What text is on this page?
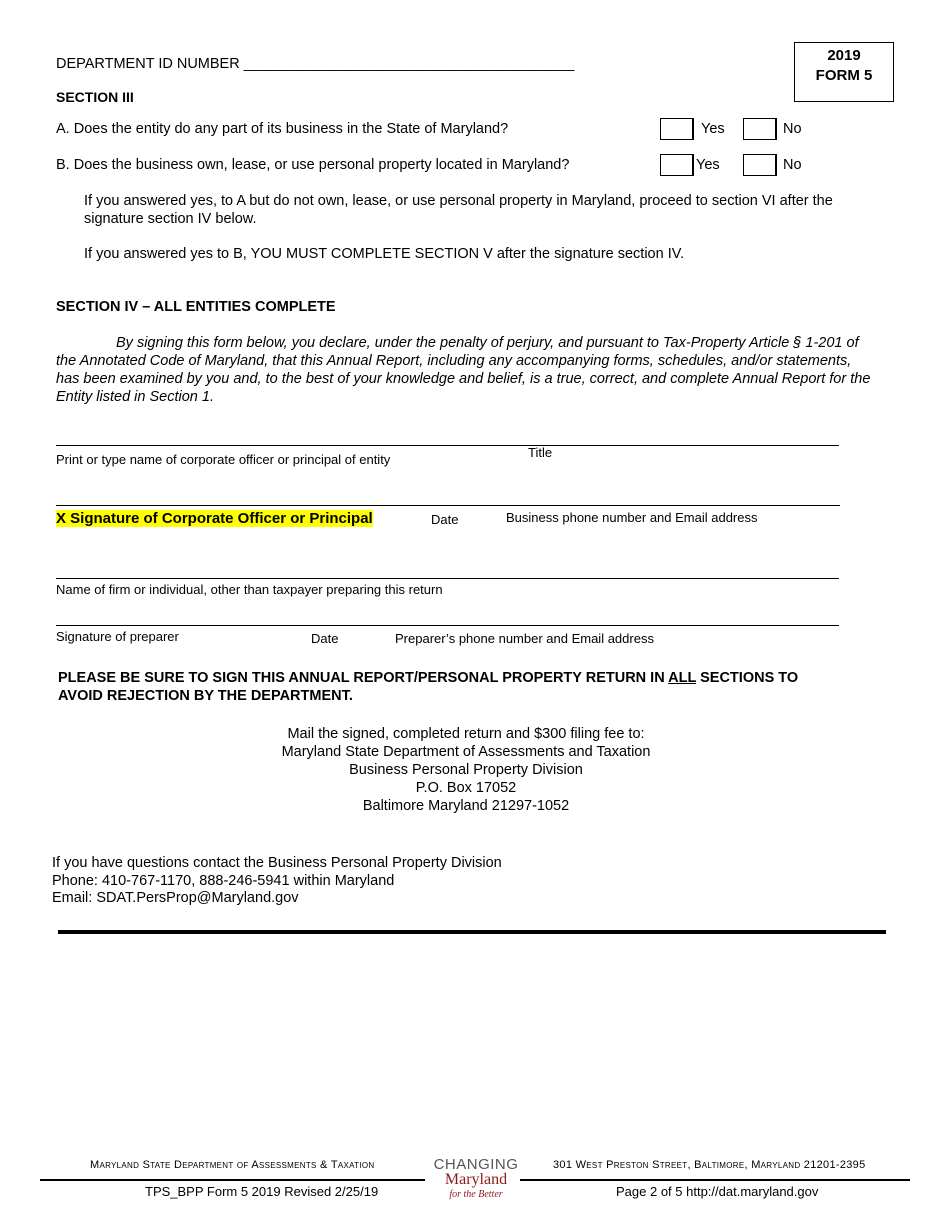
DEPARTMENT ID NUMBER _________________________________________	2019
FORM 5
SECTION III
A. Does the entity do any part of its business in the State of Maryland?	Yes	No
B. Does the business own, lease, or use personal property located in Maryland?	Yes	No
If you answered yes, to A but do not own, lease, or use personal property in Maryland, proceed to section VI after the signature section IV below.
If you answered yes to B, YOU MUST COMPLETE SECTION V after the signature section IV.
SECTION IV – ALL ENTITIES COMPLETE
By signing this form below, you declare, under the penalty of perjury, and pursuant to Tax-Property Article § 1-201 of the Annotated Code of Maryland, that this Annual Report, including any accompanying forms, schedules, and/or statements, has been examined by you and, to the best of your knowledge and belief, is a true, correct, and complete Annual Report for the Entity listed in Section 1.
Print or type name of corporate officer or principal of entity	Title
X Signature of Corporate Officer or Principal	Date	Business phone number and Email address
Name of firm or individual, other than taxpayer preparing this return
Signature of preparer	Date	Preparer’s phone number and Email address
PLEASE BE SURE TO SIGN THIS ANNUAL REPORT/PERSONAL PROPERTY RETURN IN ALL SECTIONS TO
AVOID REJECTION BY THE DEPARTMENT.
Mail the signed, completed return and $300 filing fee to:
Maryland State Department of Assessments and Taxation
Business Personal Property Division
P.O. Box 17052
Baltimore Maryland 21297-1052
If you have questions contact the Business Personal Property Division
Phone: 410-767-1170, 888-246-5941 within Maryland
Email: SDAT.PersProp@Maryland.gov
Maryland State Department of Assessments & Taxation	301 West Preston Street, Baltimore, Maryland 21201-2395
TPS_BPP Form 5 2019 Revised 2/25/19	Page 2 of 5 http://dat.maryland.gov
CHANGING
Maryland
for the Better
